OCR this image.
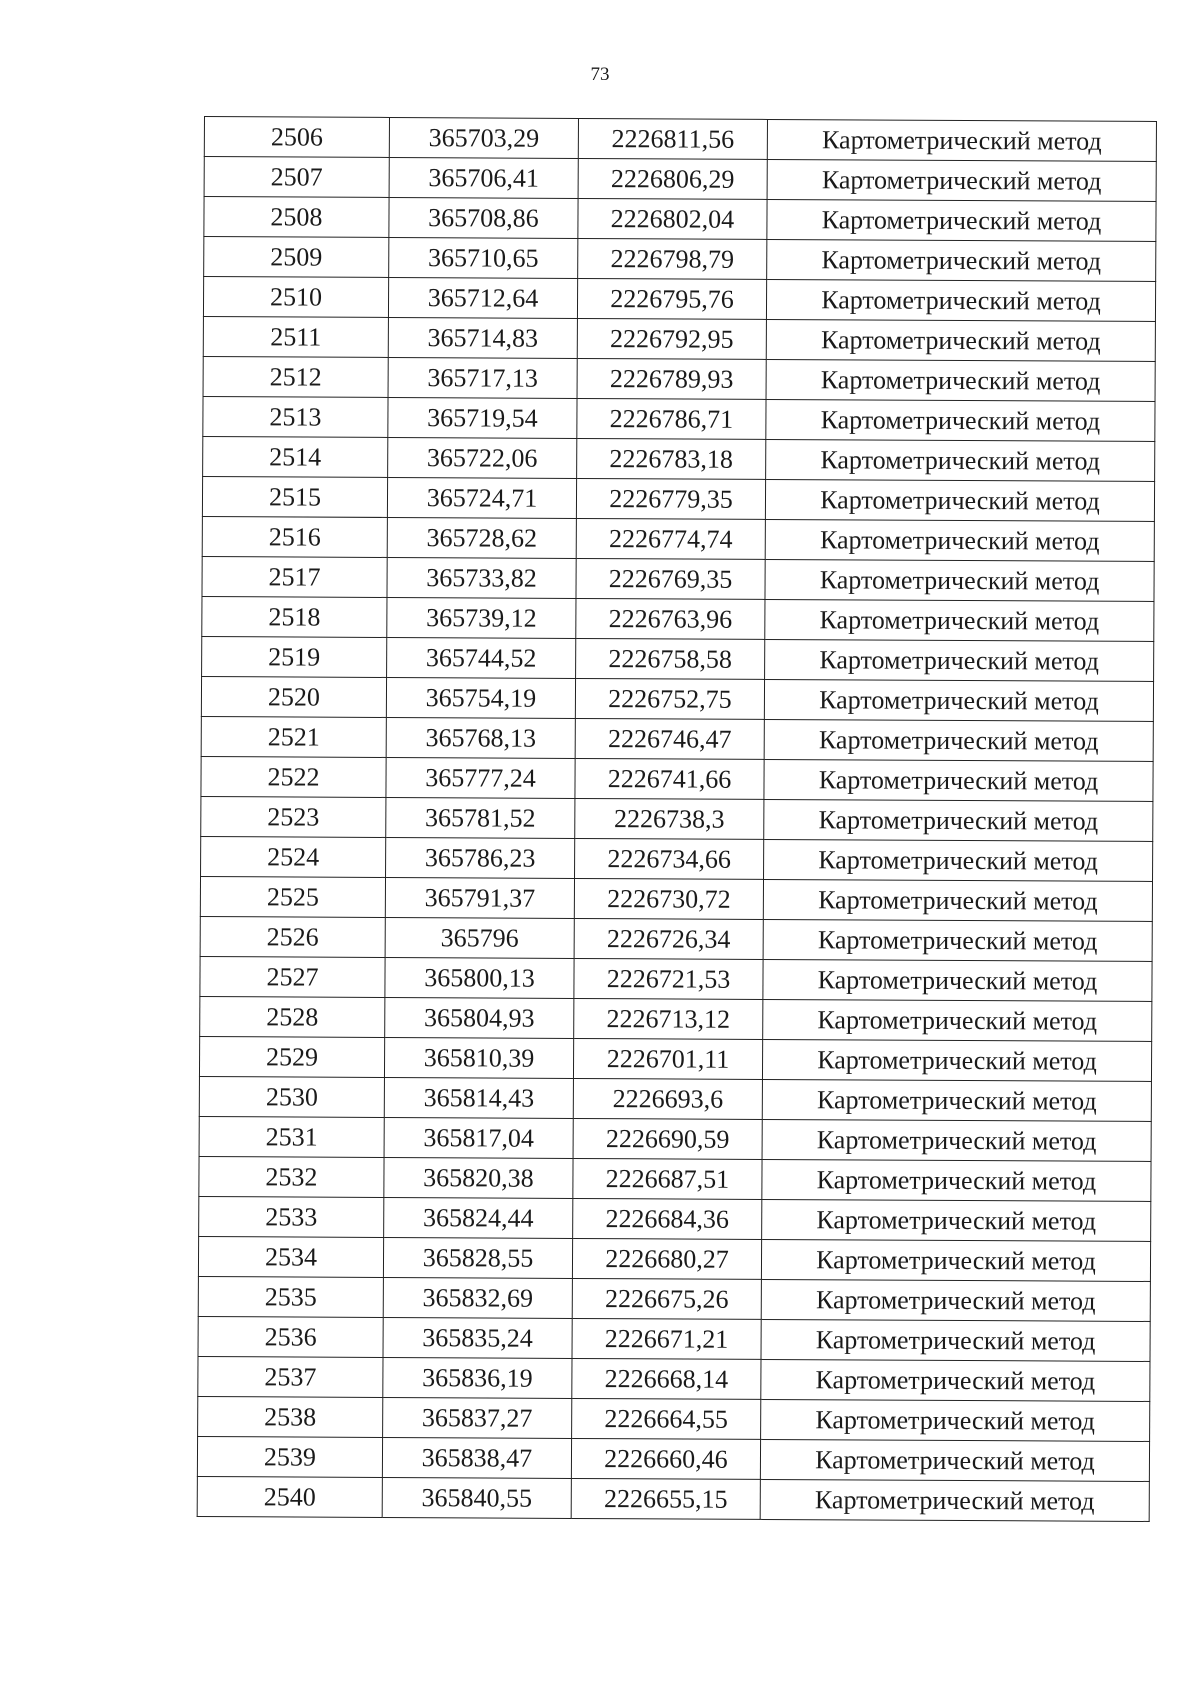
73
2506	365703,29	2226811,56	Картометрический метод
2507	365706,41	2226806,29	Картометрический метод
2508	365708,86	2226802,04	Картометрический метод
2509	365710,65	2226798,79	Картометрический метод
2510	365712,64	2226795,76	Картометрический метод
2511	365714,83	2226792,95	Картометрический метод
2512	365717,13	2226789,93	Картометрический метод
2513	365719,54	2226786,71	Картометрический метод
2514	365722,06	2226783,18	Картометрический метод
2515	365724,71	2226779,35	Картометрический метод
2516	365728,62	2226774,74	Картометрический метод
2517	365733,82	2226769,35	Картометрический метод
2518	365739,12	2226763,96	Картометрический метод
2519	365744,52	2226758,58	Картометрический метод
2520	365754,19	2226752,75	Картометрический метод
2521	365768,13	2226746,47	Картометрический метод
2522	365777,24	2226741,66	Картометрический метод
2523	365781,52	2226738,3	Картометрический метод
2524	365786,23	2226734,66	Картометрический метод
2525	365791,37	2226730,72	Картометрический метод
2526	365796	2226726,34	Картометрический метод
2527	365800,13	2226721,53	Картометрический метод
2528	365804,93	2226713,12	Картометрический метод
2529	365810,39	2226701,11	Картометрический метод
2530	365814,43	2226693,6	Картометрический метод
2531	365817,04	2226690,59	Картометрический метод
2532	365820,38	2226687,51	Картометрический метод
2533	365824,44	2226684,36	Картометрический метод
2534	365828,55	2226680,27	Картометрический метод
2535	365832,69	2226675,26	Картометрический метод
2536	365835,24	2226671,21	Картометрический метод
2537	365836,19	2226668,14	Картометрический метод
2538	365837,27	2226664,55	Картометрический метод
2539	365838,47	2226660,46	Картометрический метод
2540	365840,55	2226655,15	Картометрический метод
